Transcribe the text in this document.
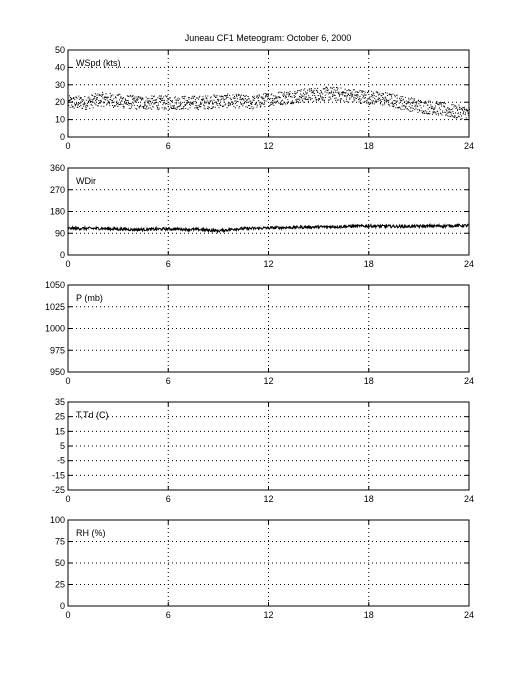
Juneau CF1 Meteogram: October 6, 2000
0	6	12	18	24
0
10
20
30
40
50
WSpd (kts)
0	6	12	18	24
0
90
180
270
360
WDir
0	6	12	18	24
950
975
1000
1025
1050
P (mb)
0	6	12	18	24
-25
-15
-5
5
15
25
35
T,Td (C)
0	6	12	18	24
0
25
50
75
100
RH (%)
